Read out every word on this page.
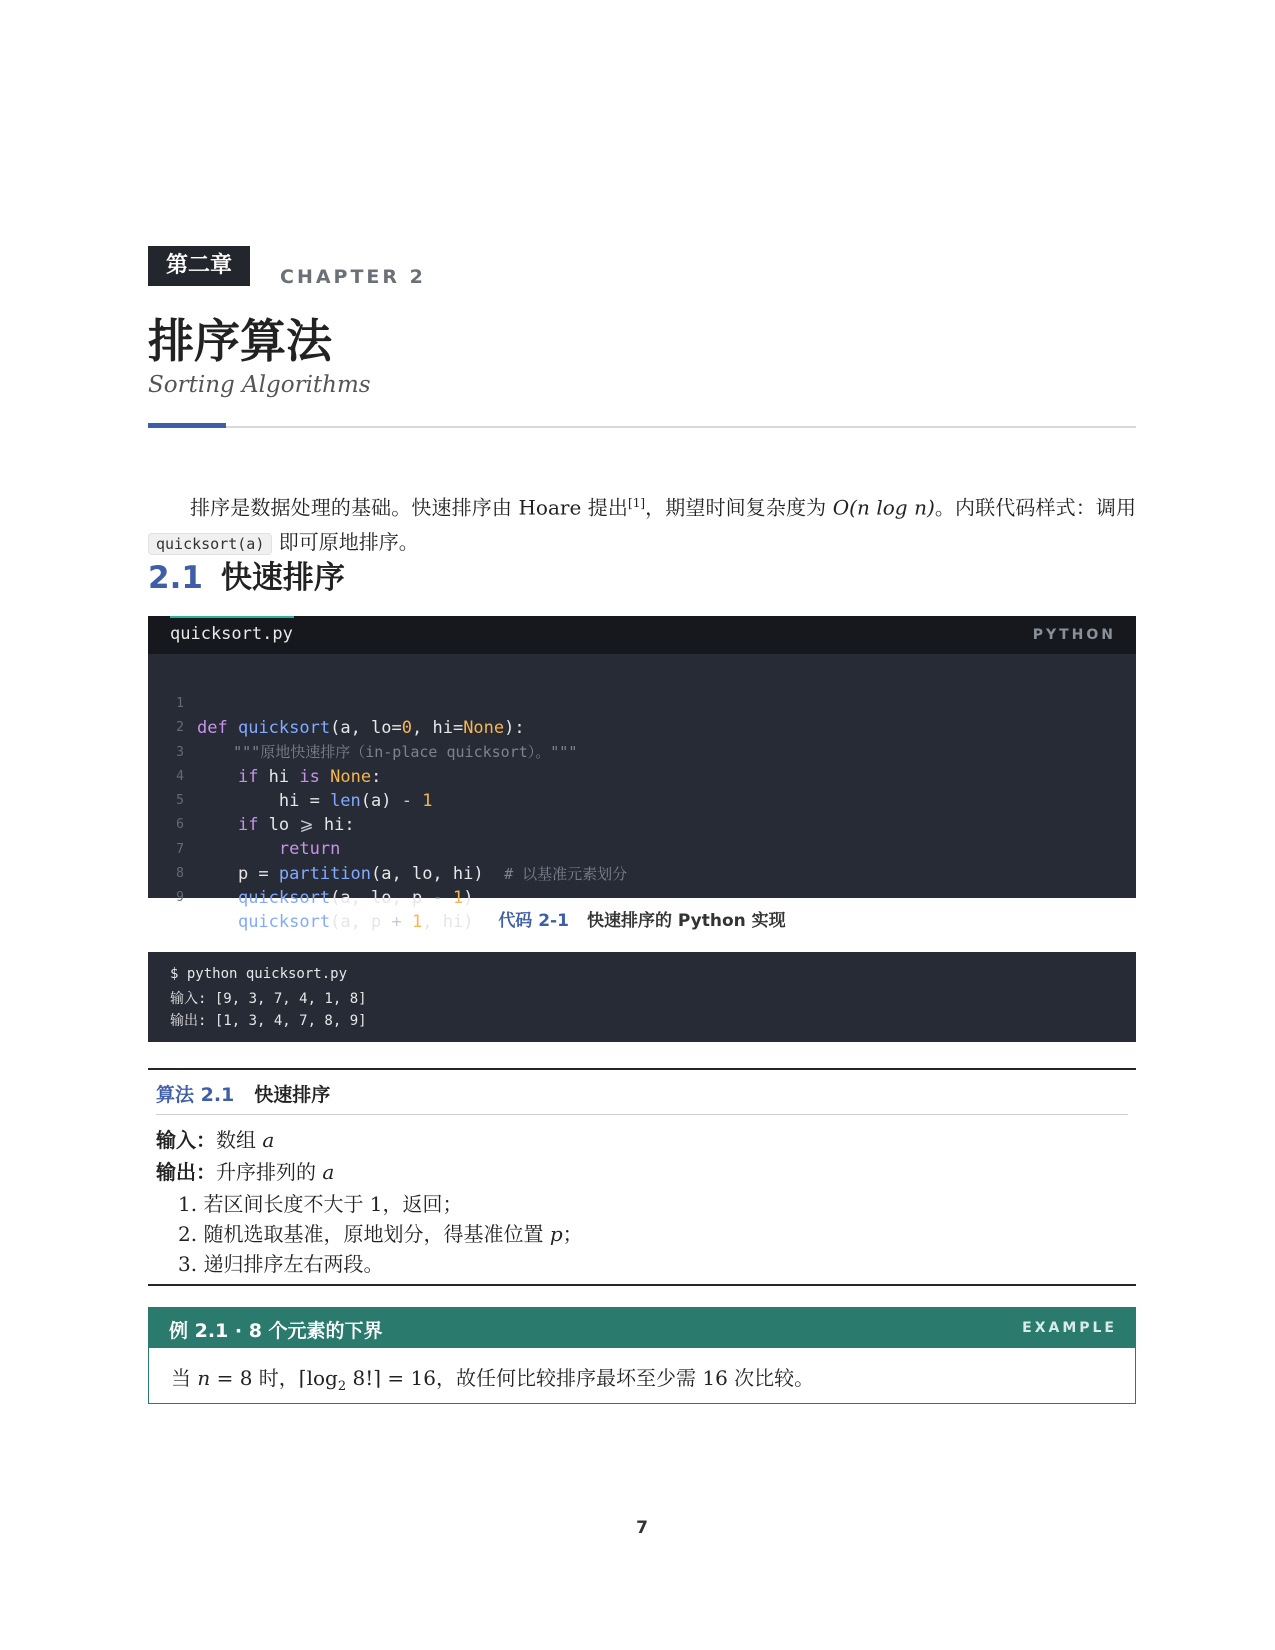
第二章	CHAPTER 2
排序算法
Sorting Algorithms

排序是数据处理的基础。快速排序由 Hoare 提出[1]，期望时间复杂度为 O(n log n)。内联代码样式：调用 quicksort(a) 即可原地排序。

2.1 快速排序
quicksort.py	PYTHON

1

def quicksort(a, lo=0, hi=None):

2

"""原地快速排序（in-place quicksort）。"""

3

if hi is None:

4

hi = len(a) - 1

5

if lo ⩾ hi:

6

return

7

p = partition(a, lo, hi)  # 以基准元素划分

8

quicksort(a, lo, p - 1)

9

quicksort(a, p + 1, hi)

	代码 2-1 快速排序的 Python 实现
$ python quicksort.py
输入: [9, 3, 7, 4, 1, 8]
输出: [1, 3, 4, 7, 8, 9]
算法 2.1 快速排序
输入：数组 a
输出：升序排列的 a
1. 若区间长度不大于 1，返回；
2. 随机选取基准，原地划分，得基准位置 p；
3. 递归排序左右两段。
例 2.1 · 8 个元素的下界	EXAMPLE
当 n = 8 时，$⌈\log_2$ 8!⌉ = 16，故任何比较排序最坏至少需 16 次比较。
7
